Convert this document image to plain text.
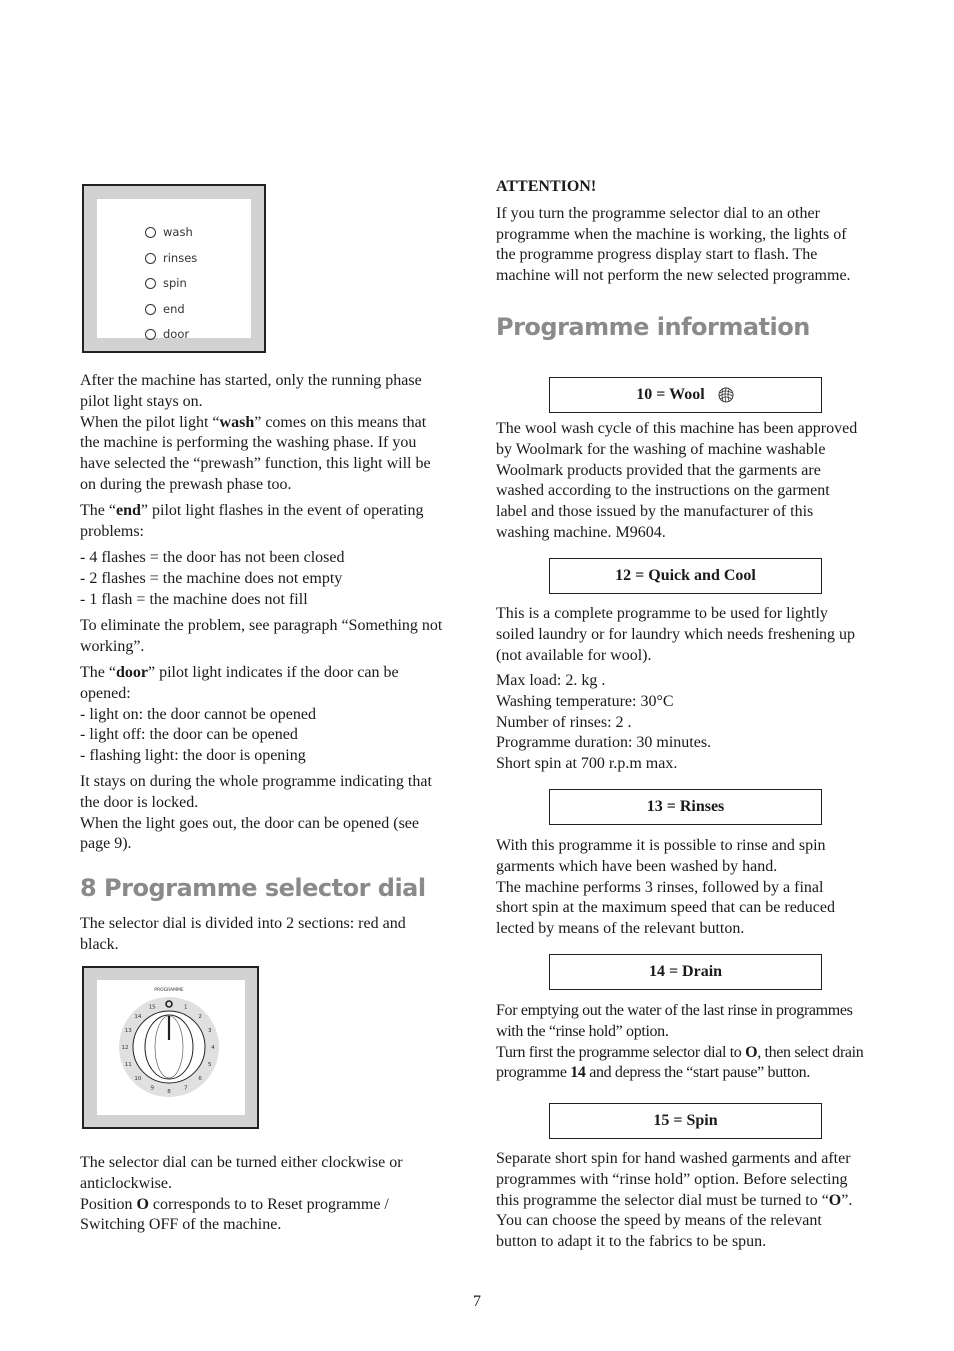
wash
rinses
spin
end
door

After the machine has started, only the running phase

pilot light stays on.

When the pilot light “wash” comes on this means that

the machine is performing the washing phase. If you

have selected the “prewash” function, this light will be

on during the prewash phase too.

The “end” pilot light flashes in the event of operating

problems:

- 4 flashes = the door has not been closed

- 2 flashes = the machine does not empty

- 1 flash = the machine does not fill

To eliminate the problem, see paragraph “Something not

working”.

The “door” pilot light indicates if the door can be

opened:

- light on: the door cannot be opened

- light off: the door can be opened

- flashing light: the door is opening

It stays on during the whole programme indicating that

the door is locked.

When the light goes out, the door can be opened (see

page 9).

8 Programme selector dial

The selector dial is divided into 2 sections: red and

black.

PROGRAMME
15	1
2
3
4
5
6
7
8
9
10
11
12
13
14

The selector dial can be turned either clockwise or

anticlockwise.

Position O corresponds to to Reset programme /

Switching OFF of the machine.

ATTENTION!

If you turn the programme selector dial to an other

programme when the machine is working, the lights of

the programme progress display start to flash. The

machine will not perform the new selected programme.

Programme information
10 = Wool

The wool wash cycle of this machine has been approved

by Woolmark for the washing of machine washable

Woolmark products provided that the garments are

washed according to the instructions on the garment

label and those issued by the manufacturer of this

washing machine. M9604.

12 = Quick and Cool

This is a complete programme to be used for lightly

soiled laundry or for laundry which needs freshening up

(not available for wool).

Max load: 2. kg .

Washing temperature: 30°C

Number of rinses: 2 .

Programme duration: 30 minutes.

Short spin at 700 r.p.m max.

13 = Rinses

With this programme it is possible to rinse and spin

garments which have been washed by hand.

The machine performs 3 rinses, followed by a final

short spin at the maximum speed that can be reduced

lected by means of the relevant button.

14 = Drain

For emptying out the water of the last rinse in programmes

with the “rinse hold” option.

Turn first the programme selector dial to O, then select drain

programme 14 and depress the “start pause” button.

15 = Spin

Separate short spin for hand washed garments and after

programmes with “rinse hold” option. Before selecting

this programme the selector dial must be turned to “O”.

You can choose the speed by means of the relevant

button to adapt it to the fabrics to be spun.

7
